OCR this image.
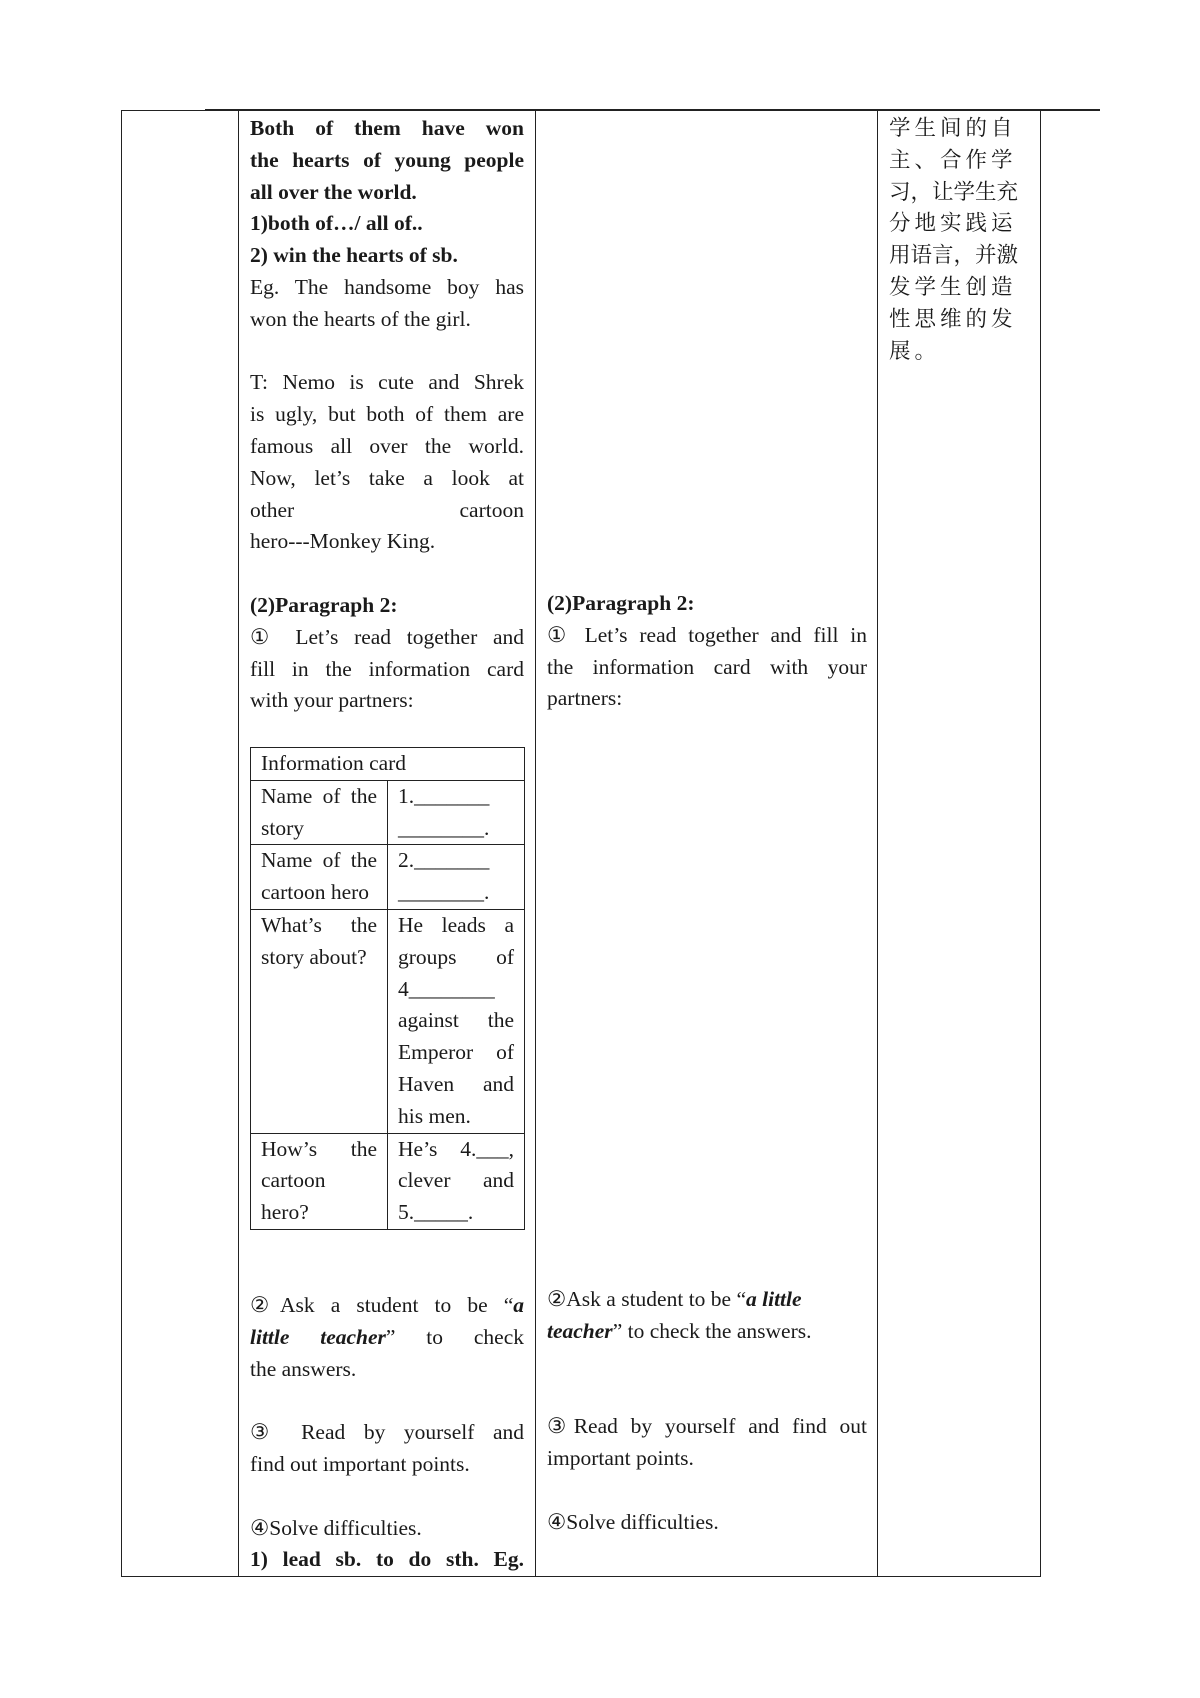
Both of them have won

the hearts of young people

all over the world.

1)both of…/ all of..

2) win the hearts of sb.

Eg. The handsome boy has

won the hearts of the girl.

T: Nemo is cute and Shrek

is ugly, but both of them are

famous all over the world.

Now, let’s take a look at

other cartoon

hero---Monkey King.

(2)Paragraph 2:

① Let’s read together and

fill in the information card

with your partners:

Information card	
Name of the story	1._______ ________.
Name of the cartoon hero	2._______ ________.
What’s the story about?	He leads a groups of 4________ against the Emperor of Haven and his men.
How’s the cartoon hero?	He’s 4.___, clever and 5._____.

②Ask a student to be “a

little teacher” to check

the answers.

③ Read by yourself and

find out important points.

④Solve difficulties.

1) lead sb. to do sth. Eg.

(2)Paragraph 2:

① Let’s read together and fill in

the information card with your

partners:

②Ask a student to be “a little

teacher” to check the answers.

③Read by yourself and find out

important points.

④Solve difficulties.

学生间的自

主、合作学

习，让学生充

分地实践运

用语言，并激

发学生创造

性思维的发

展。
